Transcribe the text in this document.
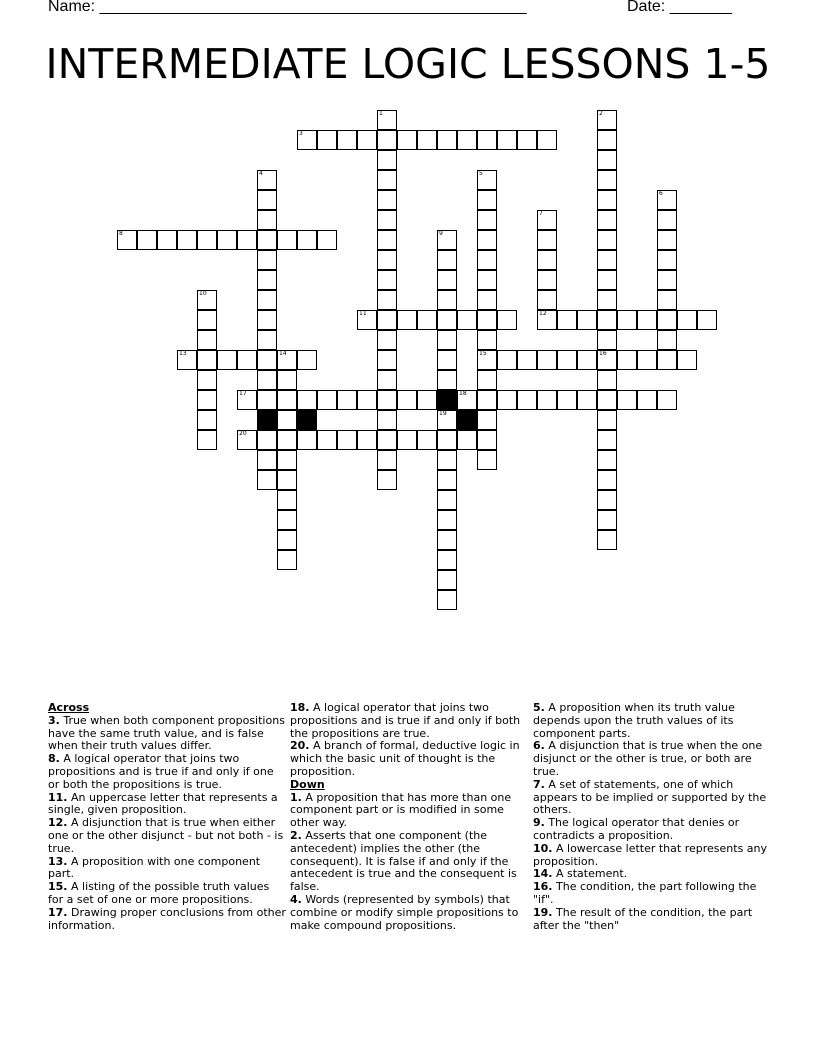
Name: ________________________________________________	Date: _______
INTERMEDIATE LOGIC LESSONS 1-5
1	2
16
3
4	5
15
6
7
12
8	9
19
10
11
13	14
17	18
20
Across

3. True when both component propositions have the same truth value, and is false when their truth values differ.

8. A logical operator that joins two propositions and is true if and only if one or both the propositions is true.

11. An uppercase letter that represents a single, given proposition.

12. A disjunction that is true when either one or the other disjunct - but not both - is true.

13. A proposition with one component part.

15. A listing of the possible truth values for a set of one or more propositions.

17. Drawing proper conclusions from other information.

18. A logical operator that joins two propositions and is true if and only if both the propositions are true.

20. A branch of formal, deductive logic in which the basic unit of thought is the proposition.

Down

1. A proposition that has more than one component part or is modified in some other way.

2. Asserts that one component (the antecedent) implies the other (the consequent). It is false if and only if the antecedent is true and the consequent is false.

4. Words (represented by symbols) that combine or modify simple propositions to make compound propositions.

5. A proposition when its truth value depends upon the truth values of its component parts.

6. A disjunction that is true when the one disjunct or the other is true, or both are true.

7. A set of statements, one of which appears to be implied or supported by the others.

9. The logical operator that denies or contradicts a proposition.

10. A lowercase letter that represents any proposition.

14. A statement.

16. The condition, the part following the "if".

19. The result of the condition, the part after the "then"
